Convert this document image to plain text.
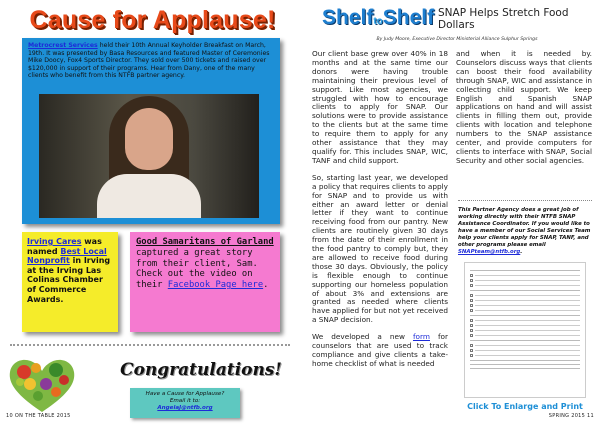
Cause for Applause!
Metrocrest Services held their 10th Annual Keyholder Breakfast on March, 19th. It was presented by Basa Resources and featured Master of Ceremonies Mike Doocy, Fox4 Sports Director. They sold over 500 tickets and raised over $120,000 in support of their programs. Hear from Dany, one of the many clients who benefit from this NTFB partner agency.
Irving Cares was named Best Local Nonprofit in Irving at the Irving Las Colinas Chamber of Commerce Awards.
Good Samaritans of Garland captured a great story from their client, Sam. Check out the video on their Facebook Page here.
Congratulations!
Have a Cause for Applause?
Email it to:
AngelaJ@ntfb.org
10 ON THE TABLE 2015
ShelftoShelf SNAP Helps Stretch Food Dollars
By Judy Moore, Executive Director Ministerial Alliance Sulphur Springs

Our client base grew over 40% in 18 months and at the same time our donors were having trouble maintaining their previous level of support. Like most agencies, we struggled with how to encourage clients to apply for SNAP. Our solutions were to provide assistance to the clients but at the same time to require them to apply for any other assistance that they may qualify for. This includes SNAP, WIC, TANF and child support.

So, starting last year, we developed a policy that requires clients to apply for SNAP and to provide us with either an award letter or denial letter if they want to continue receiving food from our pantry. New clients are routinely given 30 days from the date of their enrollment in the food pantry to comply but, they are allowed to receive food during those 30 days. Obviously, the policy is flexible enough to continue supporting our homeless population of about 3% and extensions are granted as needed where clients have applied for but not yet received a SNAP decision.

We developed a new form for counselors that are used to track compliance and give clients a take-home checklist of what is needed

and when it is needed by. Counselors discuss ways that clients can boost their food availability through SNAP, WIC and assistance in collecting child support. We keep English and Spanish SNAP applications on hand and will assist clients in filling them out, provide clients with location and telephone numbers to the SNAP assistance center, and provide computers for clients to interface with SNAP, Social Security and other social agencies.

This Partner Agency does a great job of working directly with their NTFB SNAP Assistance Coordinator. If you would like to have a member of our Social Services Team help your clients apply for SNAP, TANF, and other programs please email SNAPteam@ntfb.org.
Click To Enlarge and Print
SPRING 2015 11
